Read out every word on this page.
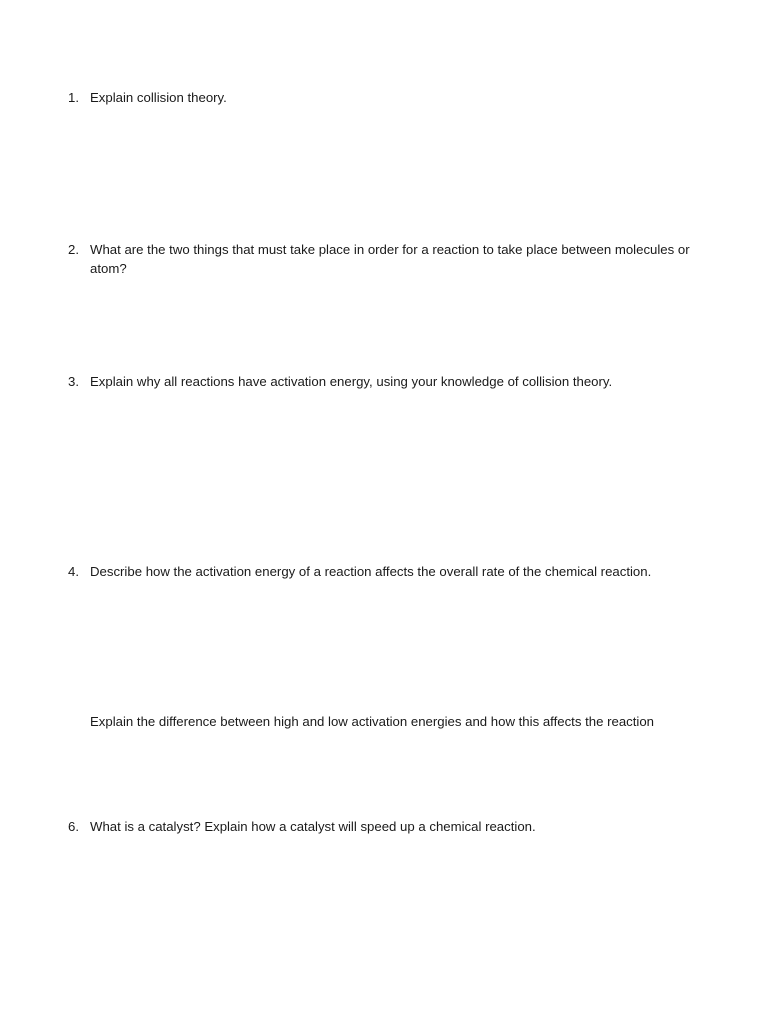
1. Explain collision theory.
2. What are the two things that must take place in order for a reaction to take place between molecules or atom?
3. Explain why all reactions have activation energy, using your knowledge of collision theory.
4. Describe how the activation energy of a reaction affects the overall rate of the chemical reaction.
Explain the difference between high and low activation energies and how this affects the reaction
6. What is a catalyst? Explain how a catalyst will speed up a chemical reaction.
